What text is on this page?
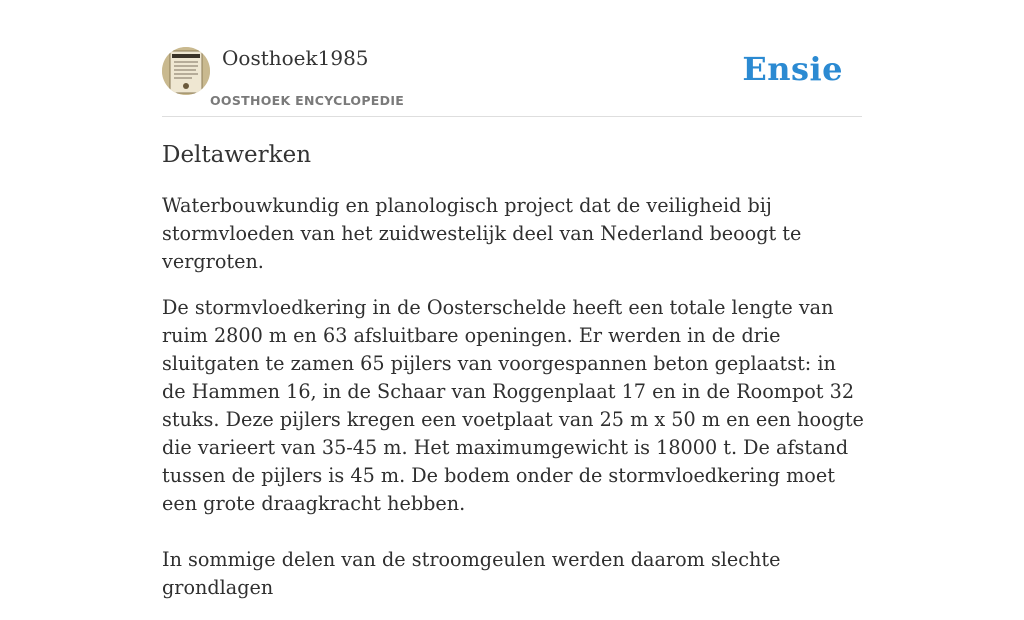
Oosthoek1985
OOSTHOEK ENCYCLOPEDIE
Ensie
Deltawerken

Waterbouwkundig en planologisch project dat de veiligheid bij stormvloeden van het zuidwestelijk deel van Nederland beoogt te vergroten.

De stormvloedkering in de Oosterschelde heeft een totale lengte van ruim 2800 m en 63 afsluitbare openingen. Er werden in de drie sluitgaten te zamen 65 pijlers van voorgespannen beton geplaatst: in de Hammen 16, in de Schaar van Roggenplaat 17 en in de Roompot 32 stuks. Deze pijlers kregen een voetplaat van 25 m x 50 m en een hoogte die varieert van 35-45 m. Het maximumgewicht is 18000 t. De afstand tussen de pijlers is 45 m. De bodem onder de stormvloedkering moet een grote draagkracht hebben.

In sommige delen van de stroomgeulen werden daarom slechte grondlagen
